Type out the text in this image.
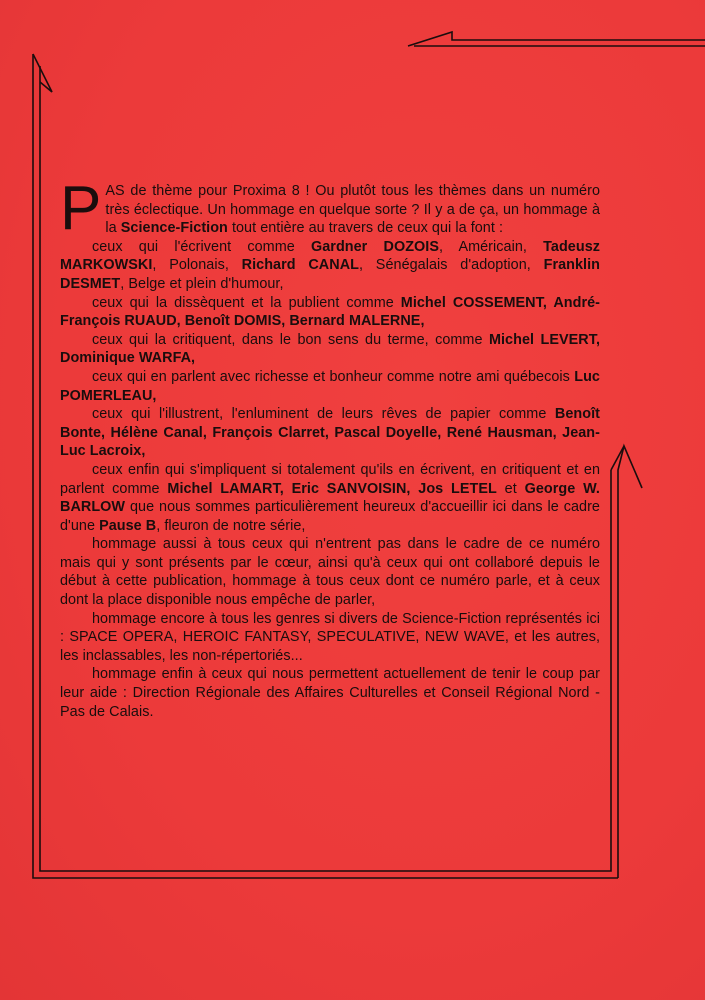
PAS de thème pour Proxima 8 ! Ou plutôt tous les thèmes dans un numéro très éclectique. Un hommage en quelque sorte ? Il y a de ça, un hommage à la Science-Fiction tout entière au travers de ceux qui la font :

ceux qui l'écrivent comme Gardner DOZOIS, Américain, Tadeusz MARKOWSKI, Polonais, Richard CANAL, Sénégalais d'adoption, Franklin DESMET, Belge et plein d'humour,

ceux qui la dissèquent et la publient comme Michel COSSEMENT, André-François RUAUD, Benoît DOMIS, Bernard MALERNE,

ceux qui la critiquent, dans le bon sens du terme, comme Michel LEVERT, Dominique WARFA,

ceux qui en parlent avec richesse et bonheur comme notre ami québecois Luc POMERLEAU,

ceux qui l'illustrent, l'enluminent de leurs rêves de papier comme Benoît Bonte, Hélène Canal, François Clarret, Pascal Doyelle, René Hausman, Jean-Luc Lacroix,

ceux enfin qui s'impliquent si totalement qu'ils en écrivent, en critiquent et en parlent comme Michel LAMART, Eric SANVOISIN, Jos LETEL et George W. BARLOW que nous sommes particulièrement heureux d'accueillir ici dans le cadre d'une Pause B, fleuron de notre série,

hommage aussi à tous ceux qui n'entrent pas dans le cadre de ce numéro mais qui y sont présents par le cœur, ainsi qu'à ceux qui ont collaboré depuis le début à cette publication, hommage à tous ceux dont ce numéro parle, et à ceux dont la place disponible nous empêche de parler,

hommage encore à tous les genres si divers de Science-Fiction représentés ici : SPACE OPERA, HEROIC FANTASY, SPECULATIVE, NEW WAVE, et les autres, les inclassables, les non-répertoriés...

hommage enfin à ceux qui nous permettent actuellement de tenir le coup par leur aide : Direction Régionale des Affaires Culturelles et Conseil Régional Nord - Pas de Calais.
